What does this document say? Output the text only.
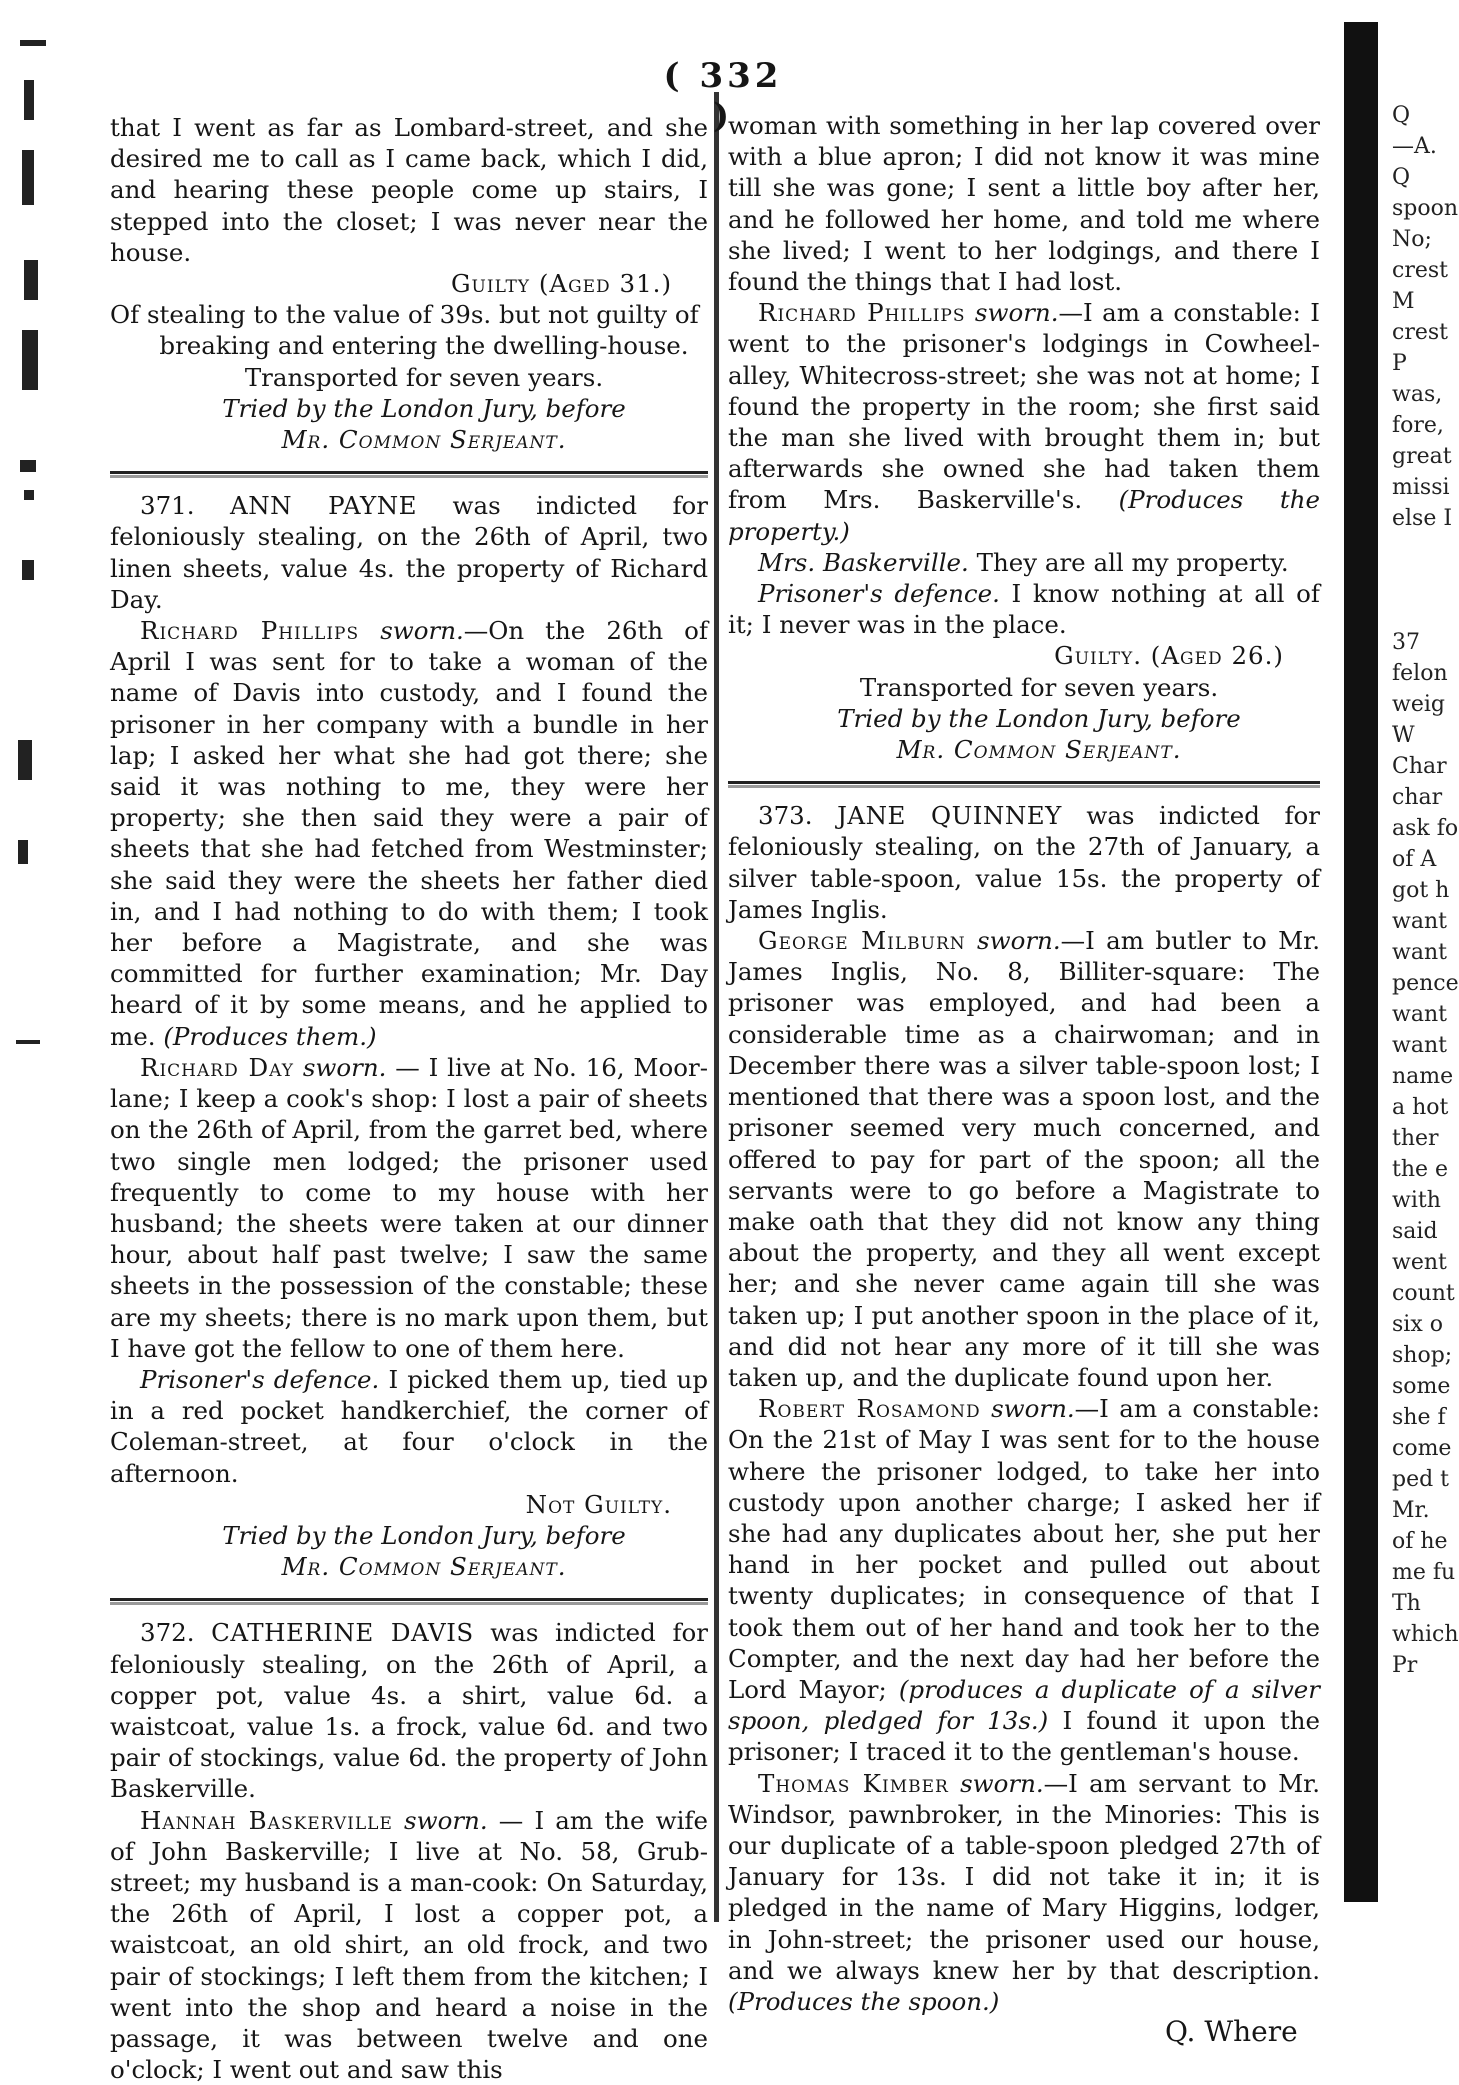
( 332 )

that I went as far as Lombard-street, and she desired me to call as I came back, which I did, and hearing these people come up stairs, I stepped into the closet; I was never near the house.

Guilty (Aged 31.)

Of stealing to the value of 39s. but not guilty of

breaking and entering the dwelling-house.

Transported for seven years.

Tried by the London Jury, before

Mr. Common Serjeant.

371. ANN PAYNE was indicted for feloniously stealing, on the 26th of April, two linen sheets, value 4s. the property of Richard Day.

Richard Phillips sworn.—On the 26th of April I was sent for to take a woman of the name of Davis into custody, and I found the prisoner in her company with a bundle in her lap; I asked her what she had got there; she said it was nothing to me, they were her property; she then said they were a pair of sheets that she had fetched from Westminster; she said they were the sheets her father died in, and I had nothing to do with them; I took her before a Magistrate, and she was committed for further examination; Mr. Day heard of it by some means, and he applied to me. (Produces them.)

Richard Day sworn. — I live at No. 16, Moor-lane; I keep a cook's shop: I lost a pair of sheets on the 26th of April, from the garret bed, where two single men lodged; the prisoner used frequently to come to my house with her husband; the sheets were taken at our dinner hour, about half past twelve; I saw the same sheets in the possession of the constable; these are my sheets; there is no mark upon them, but I have got the fellow to one of them here.

Prisoner's defence. I picked them up, tied up in a red pocket handkerchief, the corner of Coleman-street, at four o'clock in the afternoon.

Not Guilty.

Tried by the London Jury, before

Mr. Common Serjeant.

372. CATHERINE DAVIS was indicted for feloniously stealing, on the 26th of April, a copper pot, value 4s. a shirt, value 6d. a waistcoat, value 1s. a frock, value 6d. and two pair of stockings, value 6d. the property of John Baskerville.

Hannah Baskerville sworn. — I am the wife of John Baskerville; I live at No. 58, Grub-street; my husband is a man-cook: On Saturday, the 26th of April, I lost a copper pot, a waistcoat, an old shirt, an old frock, and two pair of stockings; I left them from the kitchen; I went into the shop and heard a noise in the passage, it was between twelve and one o'clock; I went out and saw this

woman with something in her lap covered over with a blue apron; I did not know it was mine till she was gone; I sent a little boy after her, and he followed her home, and told me where she lived; I went to her lodgings, and there I found the things that I had lost.

Richard Phillips sworn.—I am a constable: I went to the prisoner's lodgings in Cowheel-alley, Whitecross-street; she was not at home; I found the property in the room; she first said the man she lived with brought them in; but afterwards she owned she had taken them from Mrs. Baskerville's. (Produces the property.)

Mrs. Baskerville. They are all my property.

Prisoner's defence. I know nothing at all of it; I never was in the place.

Guilty. (Aged 26.)

Transported for seven years.

Tried by the London Jury, before

Mr. Common Serjeant.

373. JANE QUINNEY was indicted for feloniously stealing, on the 27th of January, a silver table-spoon, value 15s. the property of James Inglis.

George Milburn sworn.—I am butler to Mr. James Inglis, No. 8, Billiter-square: The prisoner was employed, and had been a considerable time as a chairwoman; and in December there was a silver table-spoon lost; I mentioned that there was a spoon lost, and the prisoner seemed very much concerned, and offered to pay for part of the spoon; all the servants were to go before a Magistrate to make oath that they did not know any thing about the property, and they all went except her; and she never came again till she was taken up; I put another spoon in the place of it, and did not hear any more of it till she was taken up, and the duplicate found upon her.

Robert Rosamond sworn.—I am a constable: On the 21st of May I was sent for to the house where the prisoner lodged, to take her into custody upon another charge; I asked her if she had any duplicates about her, she put her hand in her pocket and pulled out about twenty duplicates; in consequence of that I took them out of her hand and took her to the Compter, and the next day had her before the Lord Mayor; (produces a duplicate of a silver spoon, pledged for 13s.) I found it upon the prisoner; I traced it to the gentleman's house.

Thomas Kimber sworn.—I am servant to Mr. Windsor, pawnbroker, in the Minories: This is our duplicate of a table-spoon pledged 27th of January for 13s. I did not take it in; it is pledged in the name of Mary Higgins, lodger, in John-street; the prisoner used our house, and we always knew her by that description. (Produces the spoon.)

Q. Where
Q
—A.
Q
spoon
No;
crest
M
crest
P
was,
fore,
great
missi
else I

37
felon
weig
W
Char
char
ask fo
of A
got h
want
want
pence
want
want
name
a hot
ther
the e
with
said
went
count
six o
shop;
some
she f
come
ped t
Mr.
of he
me fu
Th
which
Pr
